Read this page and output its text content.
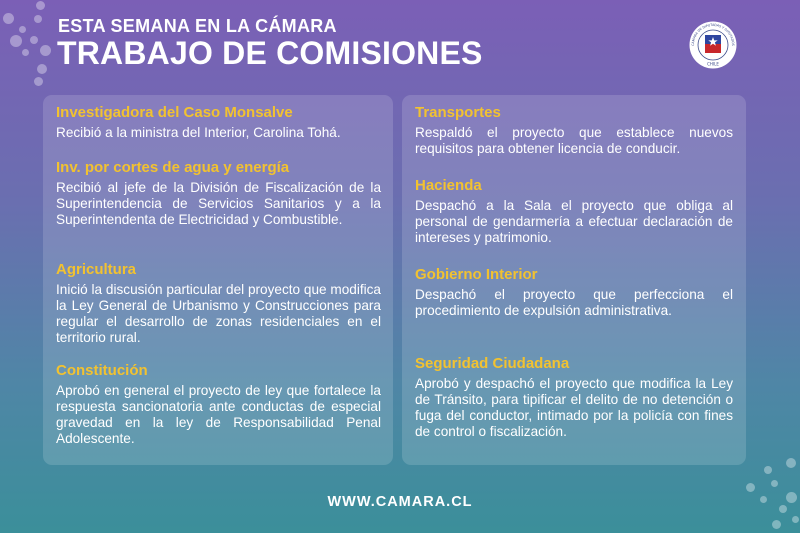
ESTA SEMANA EN LA CÁMARA
TRABAJO DE COMISIONES	CHILE
CÁMARA DE DIPUTADAS Y DIPUTADOS
Investigadora del Caso Monsalve

Recibió a la ministra del Interior, Carolina Tohá.

Inv. por cortes de agua y energía

Recibió al jefe de la División de Fiscalización de la Superintendencia de Servicios Sanitarios y a la Superintendenta de Electricidad y Combustible.

Agricultura

Inició la discusión particular del proyecto que modifica la Ley General de Urbanismo y Construcciones para regular el desarrollo de zonas residenciales en el territorio rural.

Constitución

Aprobó en general el proyecto de ley que fortalece la respuesta sancionatoria ante conductas de especial gravedad en la ley de Responsabilidad Penal Adolescente.

Transportes

Respaldó el proyecto que establece nuevos requisitos para obtener licencia de conducir.

Hacienda

Despachó a la Sala el proyecto que obliga al personal de gendarmería a efectuar declaración de intereses y patrimonio.

Gobierno Interior

Despachó el proyecto que perfecciona el procedimiento de expulsión administrativa.

Seguridad Ciudadana

Aprobó y despachó el proyecto que modifica la Ley de Tránsito, para tipificar el delito de no detención o fuga del conductor, intimado por la policía con fines de control o fiscalización.

WWW.CAMARA.CL
